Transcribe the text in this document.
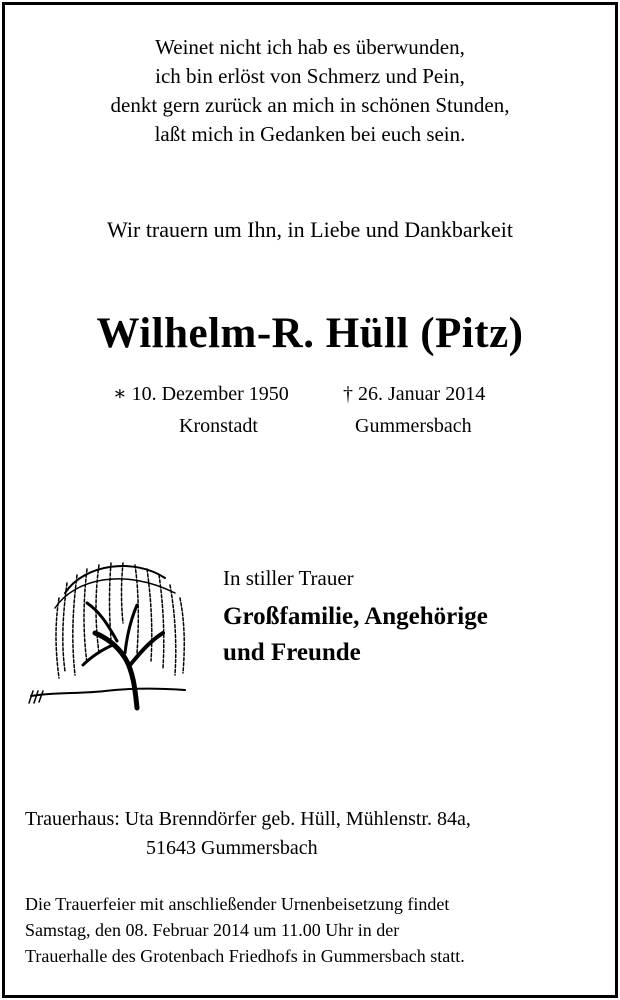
Weinet nicht ich hab es überwunden,
ich bin erlöst von Schmerz und Pein,
denkt gern zurück an mich in schönen Stunden,
laßt mich in Gedanken bei euch sein.
Wir trauern um Ihn, in Liebe und Dankbarkeit
Wilhelm-R. Hüll (Pitz)
∗ 10. Dezember 1950
Kronstadt
† 26. Januar 2014
Gummersbach
In stiller Trauer
Großfamilie, Angehörige
und Freunde
Trauerhaus: Uta Brenndörfer geb. Hüll, Mühlenstr. 84a,
51643 Gummersbach
Die Trauerfeier mit anschließender Urnenbeisetzung findet
Samstag, den 08. Februar 2014 um 11.00 Uhr in der
Trauerhalle des Grotenbach Friedhofs in Gummersbach statt.
